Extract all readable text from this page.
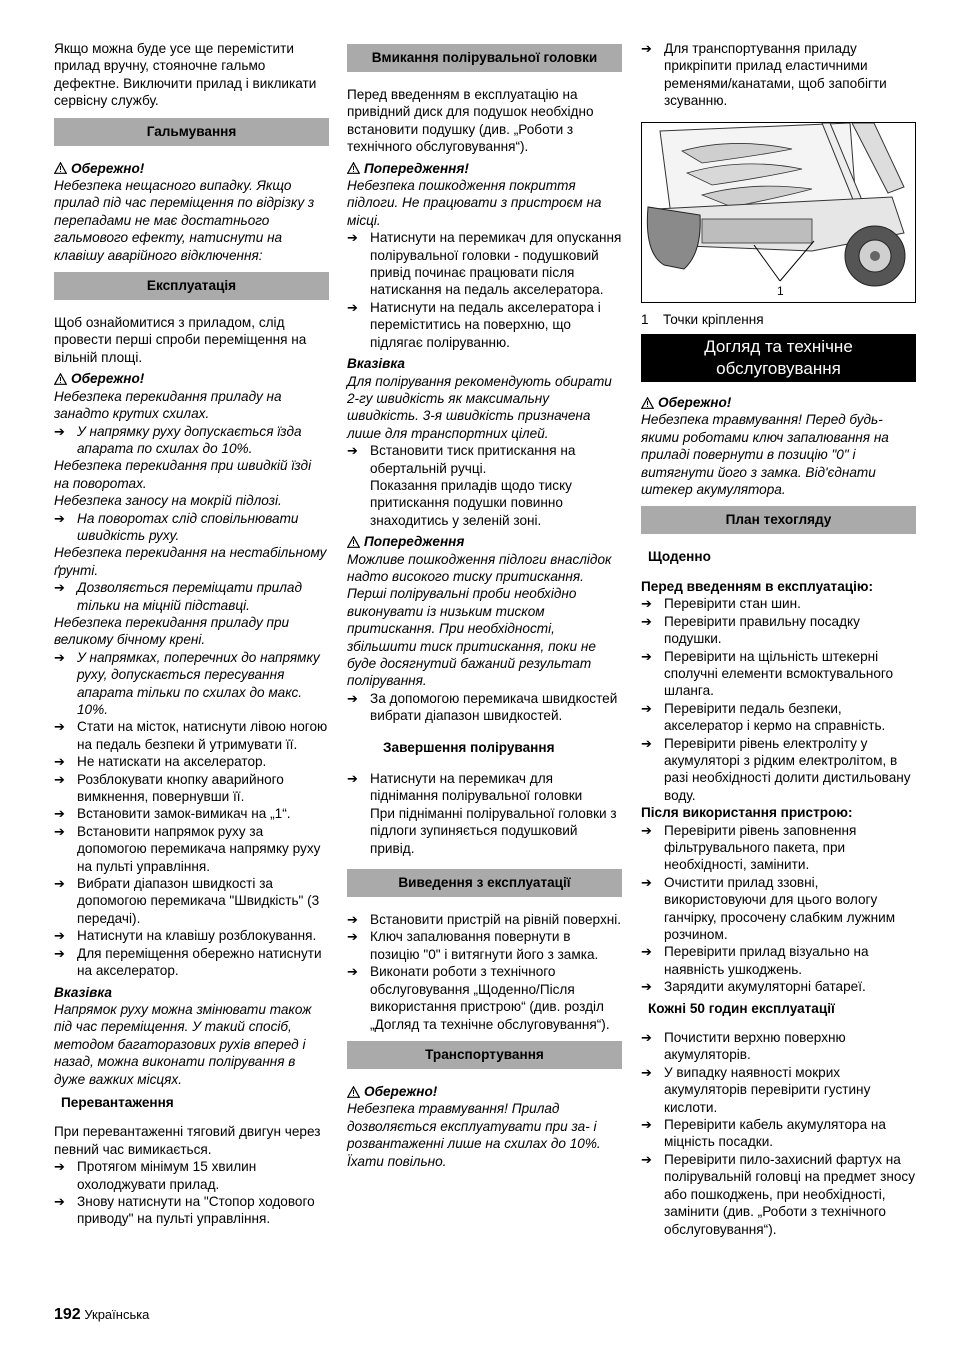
Якщо можна буде усе ще перемістити прилад вручну, стояночне гальмо дефектне. Виключити прилад і викликати сервісну службу.

Гальмування
Обережно!

Небезпека нещасного випадку. Якщо прилад під час переміщення по відрізку з перепадами не має достатнього гальмового ефекту, натиснути на клавішу аварійного відключення:

Експлуатація

Щоб ознайомитися з приладом, слід провести перші спроби переміщення на вільній площі.

Обережно!

Небезпека перекидання приладу на занадто крутих схилах.

➔ У напрямку руху допускається їзда апарата по схилах до 10%.

Небезпека перекидання при швидкій їзді на поворотах.

Небезпека заносу на мокрій підлозі.

➔ На поворотах слід сповільнювати швидкість руху.

Небезпека перекидання на нестабільному ґрунті.

➔ Дозволяється переміщати прилад тільки на міцній підставці.

Небезпека перекидання приладу при великому бічному крені.

➔ У напрямках, поперечних до напрямку руху, допускається пересування апарата тільки по схилах до макс. 10%.
➔ Стати на місток, натиснути лівою ногою на педаль безпеки й утримувати її.
➔ Не натискати на акселератор.
➔ Розблокувати кнопку аварийного вимкнення, повернувши її.
➔ Встановити замок-вимикач на „1“.
➔ Встановити напрямок руху за допомогою перемикача напрямку руху на пульті управління.
➔ Вибрати діапазон швидкості за допомогою перемикача "Швидкість" (3 передачі).
➔ Натиснути на клавішу розблокування.
➔ Для переміщення обережно натиснути на акселератор.

Вказівка

Напрямок руху можна змінювати також під час переміщення. У такий спосіб, методом багаторазових рухів вперед і назад, можна виконати полірування в дуже важких місцях.

Перевантаження

При перевантаженні тяговий двигун через певний час вимикається.

➔ Протягом мінімум 15 хвилин охолоджувати прилад.
➔ Знову натиснути на "Стопор ходового приводу" на пульті управління.
Вмикання полірувальної головки

Перед введенням в експлуатацію на привідний диск для подушок необхідно встановити подушку (див. „Роботи з технічного обслуговування“).

Попередження!

Небезпека пошкодження покриття підлоги. Не працювати з пристроєм на місці.

➔ Натиснути на перемикач для опускання полірувальної головки - подушковий привід починає працювати після натискання на педаль акселератора.
➔ Натиснути на педаль акселератора і переміститись на поверхню, що підлягає поліруванню.

Вказівка

Для полірування рекомендують обирати 2-гу швидкість як максимальну швидкість. 3-я швидкість призначена лише для транспортних цілей.

➔ Встановити тиск притискання на обертальній ручці.

Показання приладів щодо тиску притискання подушки повинно знаходитись у зеленій зоні.

Попередження

Можливе пошкодження підлоги внаслідок надто високого тиску притискання. Перші полірувальні проби необхідно виконувати із низьким тиском притискання. При необхідності, збільшити тиск притискання, поки не буде досягнутий бажаний результат полірування.

➔ За допомогою перемикача швидкостей вибрати діапазон швидкостей.
Завершення полірування
➔ Натиснути на перемикач для піднімання полірувальної головки

При підніманні полірувальної головки з підлоги зупиняється подушковий привід.

Виведення з експлуатації
➔ Встановити пристрій на рівній поверхні.
➔ Ключ запалювання повернути в позицію "0" і витягнути його з замка.
➔ Виконати роботи з технічного обслуговування „Щоденно/Після використання пристрою“ (див. розділ „Догляд та технічне обслуговування“).
Транспортування
Обережно!

Небезпека травмування! Прилад дозволяється експлуатувати при за- і розвантаженні лише на схилах до 10%. Їхати повільно.

➔ Для транспортування приладу прикріпити прилад еластичними ременями/канатами, щоб запобігти зсуванню.
1
1	Точки кріплення
Догляд та технічне обслуговування
Обережно!

Небезпека травмування! Перед будь-якими роботами ключ запалювання на приладі повернути в позицію "0" і витягнути його з замка. Від'єднати штекер акумулятора.

План техогляду
Щоденно

Перед введенням в експлуатацію:

➔ Перевірити стан шин.
➔ Перевірити правильну посадку подушки.
➔ Перевірити на щільність штекерні сполучні елементи всмоктувального шланга.
➔ Перевірити педаль безпеки, акселератор і кермо на справність.
➔ Перевірити рівень електроліту у акумуляторі з рідким електролітом, в разі необхідності долити дистильовану воду.

Після використання пристрою:

➔ Перевірити рівень заповнення фільтрувального пакета, при необхідності, замінити.
➔ Очистити прилад ззовні, використовуючи для цього вологу ганчірку, просочену слабким лужним розчином.
➔ Перевірити прилад візуально на наявність ушкоджень.
➔ Зарядити акумуляторні батареї.
Кожні 50 годин експлуатації
➔ Почистити верхню поверхню акумуляторів.
➔ У випадку наявності мокрих акумуляторів перевірити густину кислоти.
➔ Перевірити кабель акумулятора на міцність посадки.
➔ Перевірити пило-захисний фартух на полірувальній головці на предмет зносу або пошкоджень, при необхідності, замінити (див. „Роботи з технічного обслуговування“).
192 Українська
